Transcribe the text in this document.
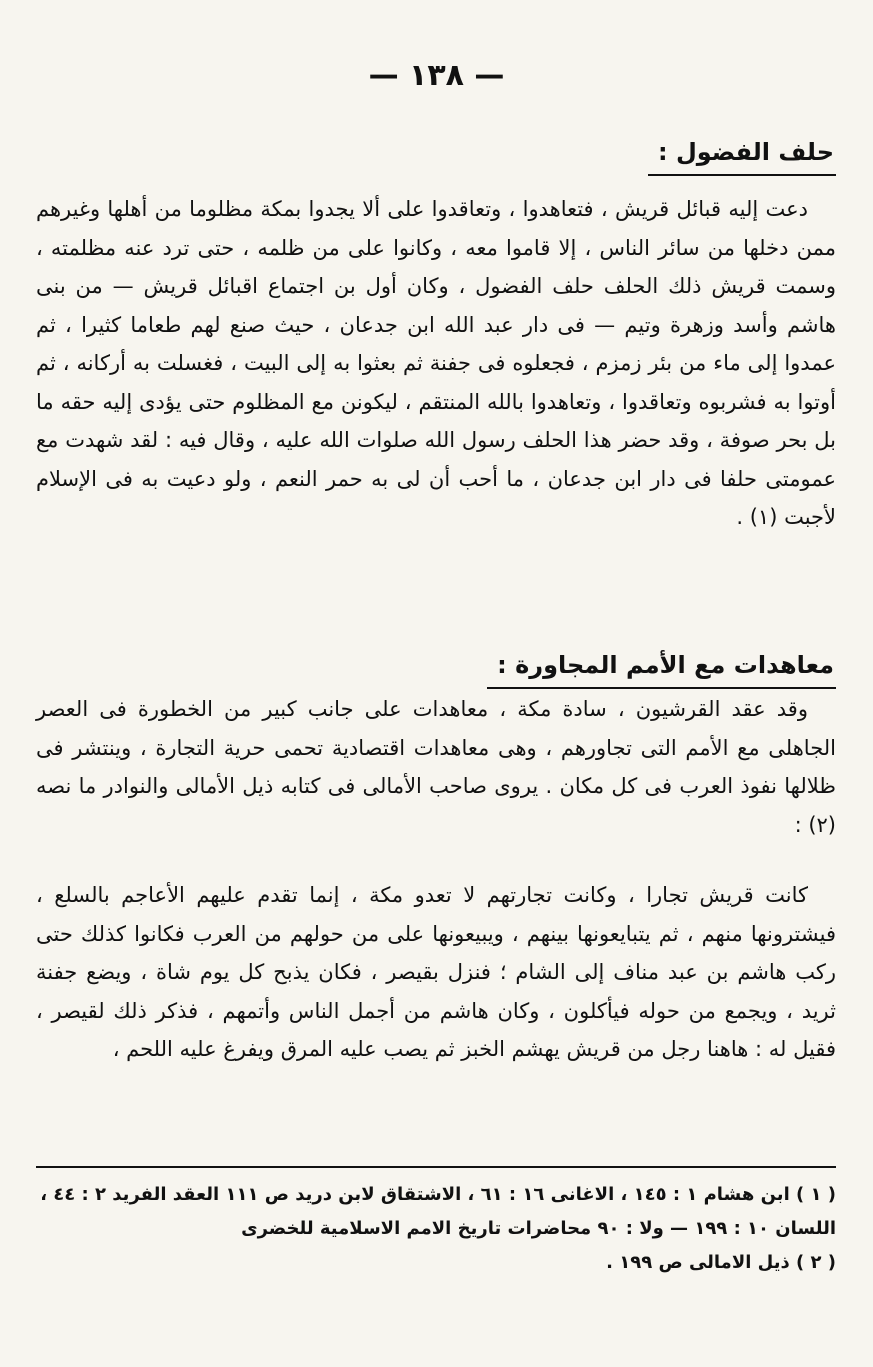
— ١٣٨ —
حلف الفضول :

دعت إليه قبائل قريش ، فتعاهدوا ، وتعاقدوا على ألا يجدوا بمكة مظلوما من أهلها وغيرهم ممن دخلها من سائر الناس ، إلا قاموا معه ، وكانوا على من ظلمه ، حتى ترد عنه مظلمته ، وسمت قريش ذلك الحلف حلف الفضول ، وكان أول بن اجتماع اقبائل قريش — من بنى هاشم وأسد وزهرة وتيم — فى دار عبد الله ابن جدعان ، حيث صنع لهم طعاما كثيرا ، ثم عمدوا إلى ماء من بئر زمزم ، فجعلوه فى جفنة ثم بعثوا به إلى البيت ، فغسلت به أركانه ، ثم أوتوا به فشربوه وتعاقدوا ، وتعاهدوا بالله المنتقم ، ليكونن مع المظلوم حتى يؤدى إليه حقه ما بل بحر صوفة ، وقد حضر هذا الحلف رسول الله صلوات الله عليه ، وقال فيه : لقد شهدت مع عمومتى حلفا فى دار ابن جدعان ، ما أحب أن لى به حمر النعم ، ولو دعيت به فى الإسلام لأجبت (١) .

معاهدات مع الأمم المجاورة :

وقد عقد القرشيون ، سادة مكة ، معاهدات على جانب كبير من الخطورة فى العصر الجاهلى مع الأمم التى تجاورهم ، وهى معاهدات اقتصادية تحمى حرية التجارة ، وينتشر فى ظلالها نفوذ العرب فى كل مكان . يروى صاحب الأمالى فى كتابه ذيل الأمالى والنوادر ما نصه (٢) :

كانت قريش تجارا ، وكانت تجارتهم لا تعدو مكة ، إنما تقدم عليهم الأعاجم بالسلع ، فيشترونها منهم ، ثم يتبايعونها بينهم ، ويبيعونها على من حولهم من العرب فكانوا كذلك حتى ركب هاشم بن عبد مناف إلى الشام ؛ فنزل بقيصر ، فكان يذبح كل يوم شاة ، ويضع جفنة ثريد ، ويجمع من حوله فيأكلون ، وكان هاشم من أجمل الناس وأتمهم ، فذكر ذلك لقيصر ، فقيل له : هاهنا رجل من قريش يهشم الخبز ثم يصب عليه المرق ويفرغ عليه اللحم ،

( ١ ) ابن هشام ١ : ١٤٥ ، الاغانى ١٦ : ٦١ ، الاشتقاق لابن دريد ص ١١١ العقد الفريد ٢ : ٤٤ ، اللسان ١٠ : ١٩٩ — ولا : ٩٠ محاضرات تاريخ الامم الاسلامية للخضرى

( ٢ ) ذيل الامالى ص ١٩٩ .
